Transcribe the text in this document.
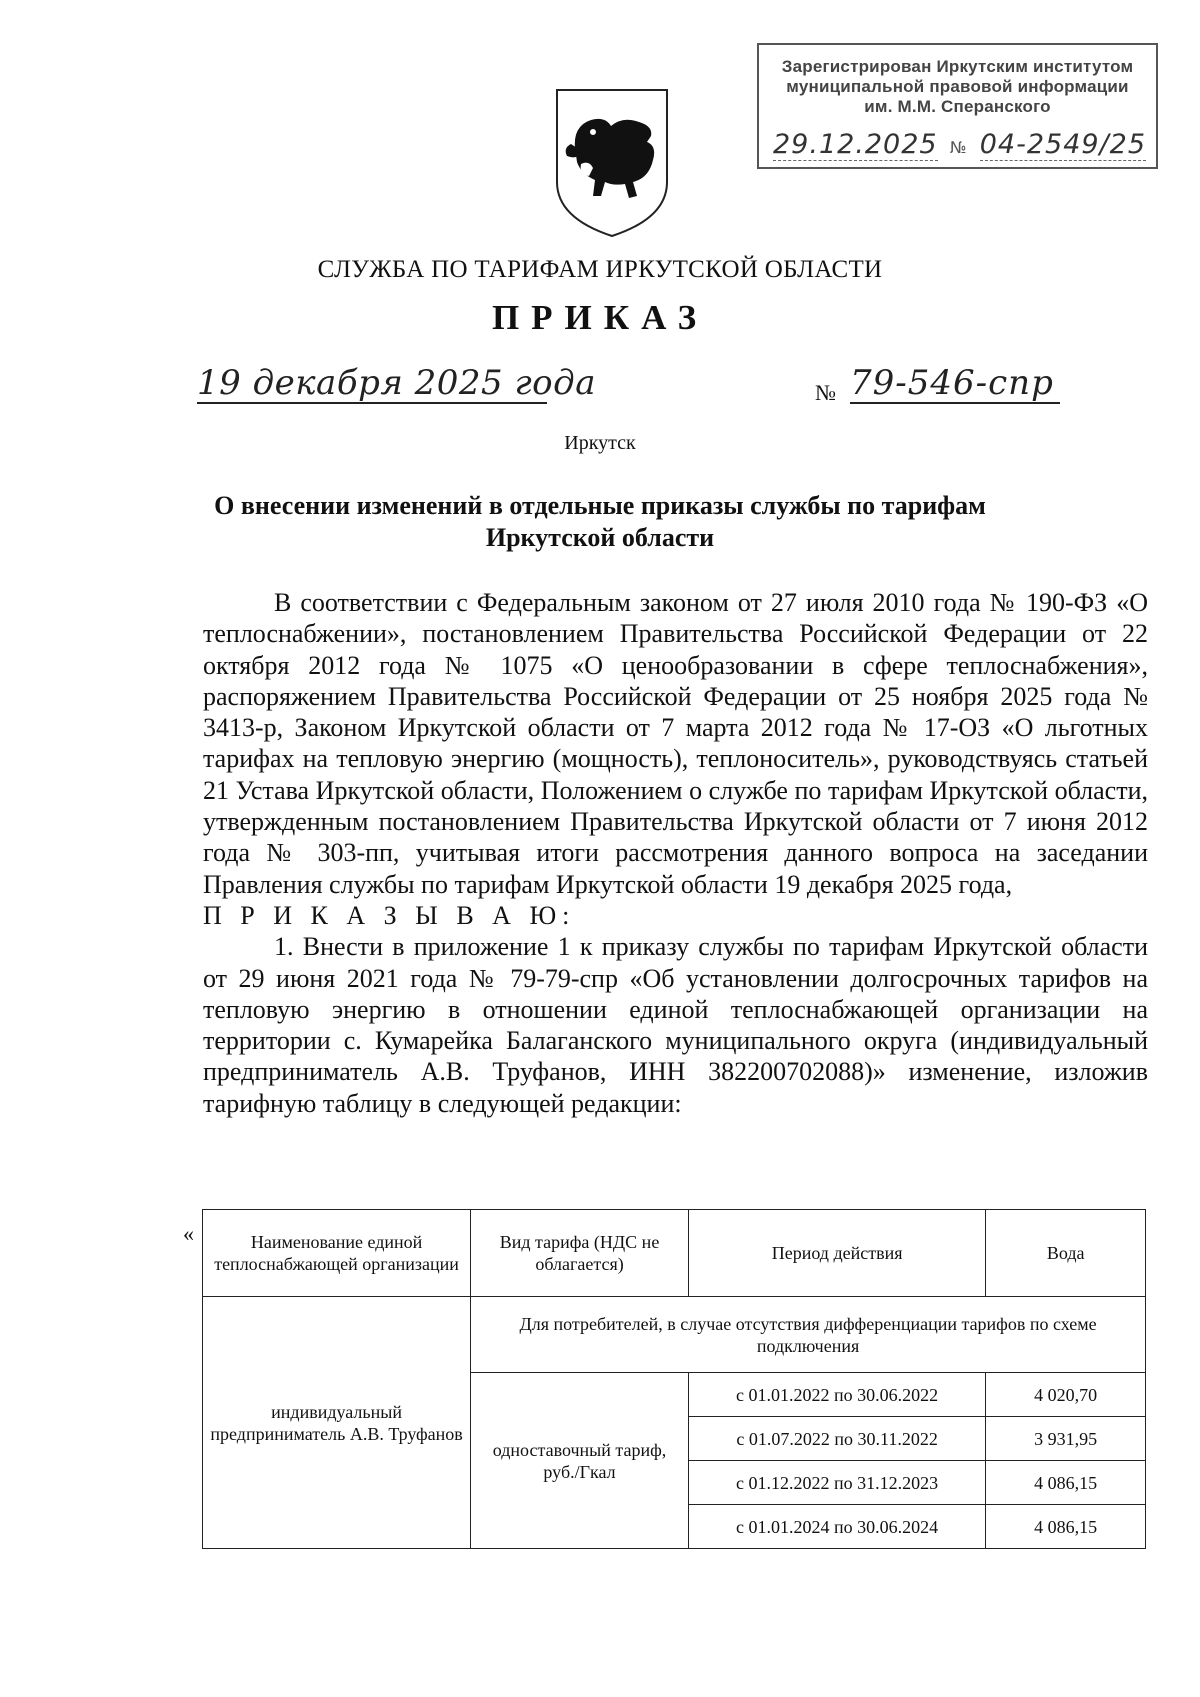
Зарегистрирован Иркутским институтом
муниципальной правовой информации
им. М.М. Сперанского
29.12.2025 № 04-2549/25
СЛУЖБА ПО ТАРИФАМ ИРКУТСКОЙ ОБЛАСТИ
ПРИКАЗ
19 декабря 2025 года	№ 79-546-спр
Иркутск
О внесении изменений в отдельные приказы службы по тарифам
Иркутской области

В соответствии с Федеральным законом от 27 июля 2010 года № 190-ФЗ «О теплоснабжении», постановлением Правительства Российской Федерации от 22 октября 2012 года № 1075 «О ценообразовании в сфере теплоснабжения», распоряжением Правительства Российской Федерации от 25 ноября 2025 года № 3413-р, Законом Иркутской области от 7 марта 2012 года № 17-ОЗ «О льготных тарифах на тепловую энергию (мощность), теплоноситель», руководствуясь статьей 21 Устава Иркутской области, Положением о службе по тарифам Иркутской области, утвержденным постановлением Правительства Иркутской области от 7 июня 2012 года № 303-пп, учитывая итоги рассмотрения данного вопроса на заседании Правления службы по тарифам Иркутской области 19 декабря 2025 года,

П Р И К А З Ы В А Ю:

1. Внести в приложение 1 к приказу службы по тарифам Иркутской области от 29 июня 2021 года № 79-79-спр «Об установлении долгосрочных тарифов на тепловую энергию в отношении единой теплоснабжающей организации на территории с. Кумарейка Балаганского муниципального округа (индивидуальный предприниматель А.В. Труфанов, ИНН 382200702088)» изменение, изложив тарифную таблицу в следующей редакции:

«	Наименование единой теплоснабжающей организации	Вид тарифа (НДС не облагается)	Период действия	Вода
индивидуальный предприниматель А.В. Труфанов	Для потребителей, в случае отсутствия дифференциации тарифов по схеме подключения		
	одноставочный тариф, руб./Гкал	с 01.01.2022 по 30.06.2022	4 020,70
		с 01.07.2022 по 30.11.2022	3 931,95
		с 01.12.2022 по 31.12.2023	4 086,15
		с 01.01.2024 по 30.06.2024	4 086,15
